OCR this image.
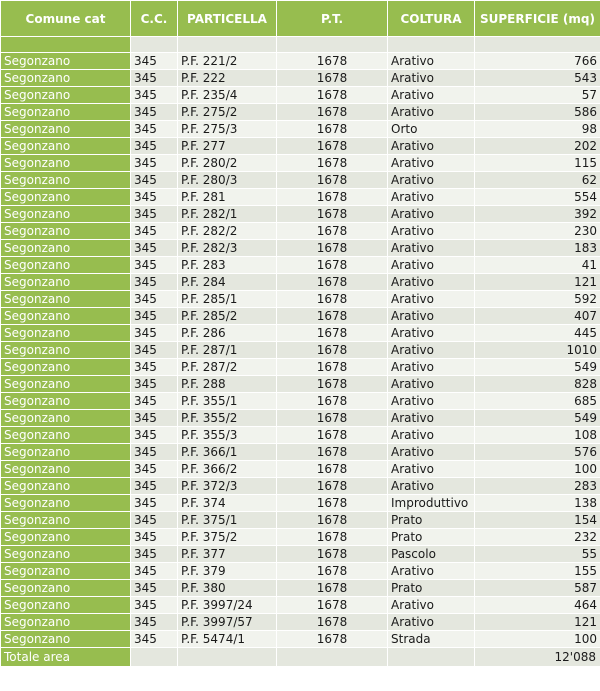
Comune cat	C.C.	PARTICELLA	P.T.	COLTURA	SUPERFICIE (mq)

Segonzano	345	P.F. 221/2	1678	Arativo	766
Segonzano	345	P.F. 222	1678	Arativo	543
Segonzano	345	P.F. 235/4	1678	Arativo	57
Segonzano	345	P.F. 275/2	1678	Arativo	586
Segonzano	345	P.F. 275/3	1678	Orto	98
Segonzano	345	P.F. 277	1678	Arativo	202
Segonzano	345	P.F. 280/2	1678	Arativo	115
Segonzano	345	P.F. 280/3	1678	Arativo	62
Segonzano	345	P.F. 281	1678	Arativo	554
Segonzano	345	P.F. 282/1	1678	Arativo	392
Segonzano	345	P.F. 282/2	1678	Arativo	230
Segonzano	345	P.F. 282/3	1678	Arativo	183
Segonzano	345	P.F. 283	1678	Arativo	41
Segonzano	345	P.F. 284	1678	Arativo	121
Segonzano	345	P.F. 285/1	1678	Arativo	592
Segonzano	345	P.F. 285/2	1678	Arativo	407
Segonzano	345	P.F. 286	1678	Arativo	445
Segonzano	345	P.F. 287/1	1678	Arativo	1010
Segonzano	345	P.F. 287/2	1678	Arativo	549
Segonzano	345	P.F. 288	1678	Arativo	828
Segonzano	345	P.F. 355/1	1678	Arativo	685
Segonzano	345	P.F. 355/2	1678	Arativo	549
Segonzano	345	P.F. 355/3	1678	Arativo	108
Segonzano	345	P.F. 366/1	1678	Arativo	576
Segonzano	345	P.F. 366/2	1678	Arativo	100
Segonzano	345	P.F. 372/3	1678	Arativo	283
Segonzano	345	P.F. 374	1678	Improduttivo	138
Segonzano	345	P.F. 375/1	1678	Prato	154
Segonzano	345	P.F. 375/2	1678	Prato	232
Segonzano	345	P.F. 377	1678	Pascolo	55
Segonzano	345	P.F. 379	1678	Arativo	155
Segonzano	345	P.F. 380	1678	Prato	587
Segonzano	345	P.F. 3997/24	1678	Arativo	464
Segonzano	345	P.F. 3997/57	1678	Arativo	121
Segonzano	345	P.F. 5474/1	1678	Strada	100
Totale area					12'088
